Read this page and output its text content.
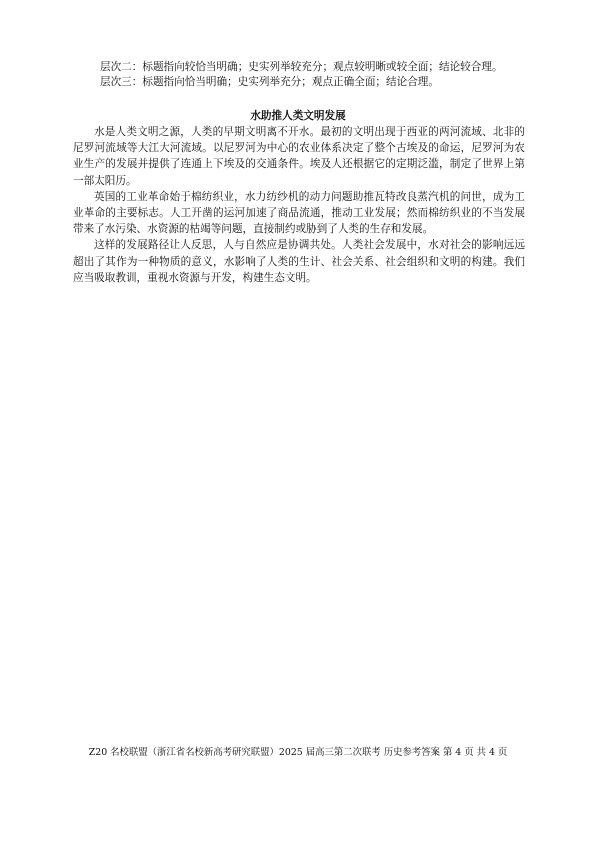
层次二：标题指向较恰当明确；史实列举较充分；观点较明晰或较全面；结论较合理。
层次三：标题指向恰当明确；史实列举充分；观点正确全面；结论合理。
水助推人类文明发展

水是人类文明之源，人类的早期文明离不开水。最初的文明出现于西亚的两河流域、北非的尼罗河流域等大江大河流域。以尼罗河为中心的农业体系决定了整个古埃及的命运，尼罗河为农业生产的发展并提供了连通上下埃及的交通条件。埃及人还根据它的定期泛滥，制定了世界上第一部太阳历。

英国的工业革命始于棉纺织业，水力纺纱机的动力问题助推瓦特改良蒸汽机的问世，成为工业革命的主要标志。人工开凿的运河加速了商品流通，推动工业发展；然而棉纺织业的不当发展带来了水污染、水资源的枯竭等问题，直接制约或胁到了人类的生存和发展。

这样的发展路径让人反思，人与自然应是协调共处。人类社会发展中，水对社会的影响远远超出了其作为一种物质的意义，水影响了人类的生计、社会关系、社会组织和文明的构建。我们应当吸取教训，重视水资源与开发，构建生态文明。

Z20 名校联盟（浙江省名校新高考研究联盟）2025 届高三第二次联考 历史参考答案 第 4 页 共 4 页
